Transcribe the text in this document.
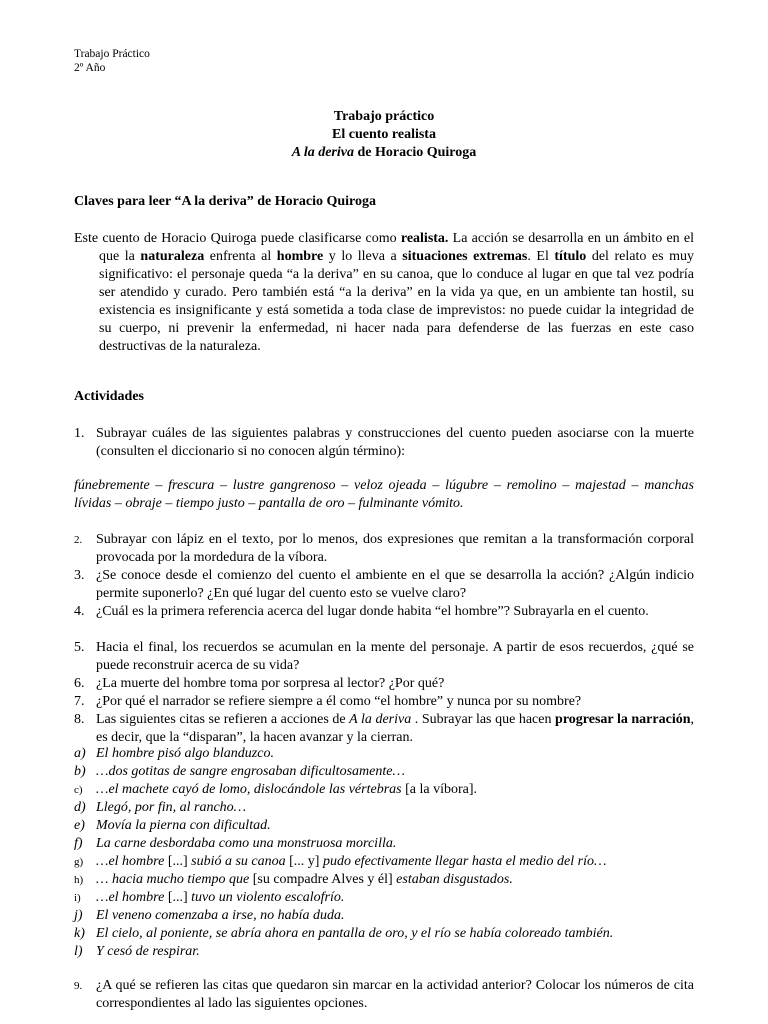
Trabajo Práctico
2º Año
Trabajo práctico
El cuento realista
A la deriva de Horacio Quiroga
Claves para leer “A la deriva” de Horacio Quiroga
Este cuento de Horacio Quiroga puede clasificarse como realista. La acción se desarrolla en un ámbito en el que la naturaleza enfrenta al hombre y lo lleva a situaciones extremas. El título del relato es muy significativo: el personaje queda “a la deriva” en su canoa, que lo conduce al lugar en que tal vez podría ser atendido y curado. Pero también está “a la deriva” en la vida ya que, en un ambiente tan hostil, su existencia es insignificante y está sometida a toda clase de imprevistos: no puede cuidar la integridad de su cuerpo, ni prevenir la enfermedad, ni hacer nada para defenderse de las fuerzas en este caso destructivas de la naturaleza.
Actividades
1. Subrayar cuáles de las siguientes palabras y construcciones del cuento pueden asociarse con la muerte (consulten el diccionario si no conocen algún término):
fúnebremente – frescura – lustre gangrenoso – veloz ojeada – lúgubre – remolino – majestad – manchas lívidas – obraje – tiempo justo – pantalla de oro – fulminante vómito.
2. Subrayar con lápiz en el texto, por lo menos, dos expresiones que remitan a la transformación corporal provocada por la mordedura de la víbora.
3. ¿Se conoce desde el comienzo del cuento el ambiente en el que se desarrolla la acción? ¿Algún indicio permite suponerlo? ¿En qué lugar del cuento esto se vuelve claro?
4. ¿Cuál es la primera referencia acerca del lugar donde habita “el hombre”? Subrayarla en el cuento.
5. Hacia el final, los recuerdos se acumulan en la mente del personaje. A partir de esos recuerdos, ¿qué se puede reconstruir acerca de su vida?
6. ¿La muerte del hombre toma por sorpresa al lector? ¿Por qué?
7. ¿Por qué el narrador se refiere siempre a él como “el hombre” y nunca por su nombre?
8. Las siguientes citas se refieren a acciones de A la deriva . Subrayar las que hacen progresar la narración, es decir, que la “disparan”, la hacen avanzar y la cierran.
a) El hombre pisó algo blanduzco.
b) …dos gotitas de sangre engrosaban dificultosamente…
c) …el machete cayó de lomo, dislocándole las vértebras [a la víbora].
d) Llegó, por fin, al rancho…
e) Movía la pierna con dificultad.
f) La carne desbordaba como una monstruosa morcilla.
g) …el hombre [...] subió a su canoa [... y] pudo efectivamente llegar hasta el medio del río…
h) … hacia mucho tiempo que [su compadre Alves y él] estaban disgustados.
i)	…el hombre [...] tuvo un violento escalofrío.
j) El veneno comenzaba a irse, no había duda.
k) El cielo, al poniente, se abría ahora en pantalla de oro, y el río se había coloreado también.
l) Y cesó de respirar.
9. ¿A qué se refieren las citas que quedaron sin marcar en la actividad anterior? Colocar los números de cita correspondientes al lado las siguientes opciones.
